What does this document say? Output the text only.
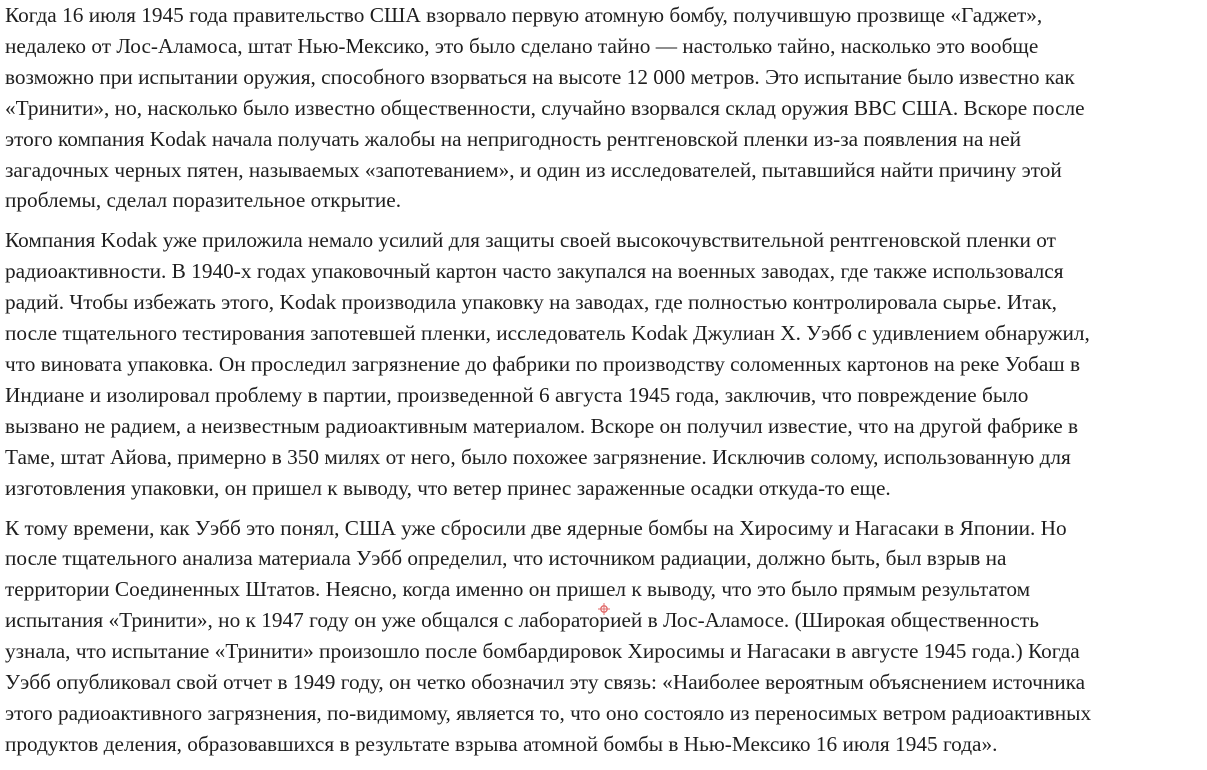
Когда 16 июля 1945 года правительство США взорвало первую атомную бомбу, получившую прозвище «Гаджет»,
недалеко от Лос-Аламоса, штат Нью-Мексико, это было сделано тайно — настолько тайно, насколько это вообще
возможно при испытании оружия, способного взорваться на высоте 12 000 метров. Это испытание было известно как
«Тринити», но, насколько было известно общественности, случайно взорвался склад оружия ВВС США. Вскоре после
этого компания Kodak начала получать жалобы на непригодность рентгеновской пленки из-за появления на ней
загадочных черных пятен, называемых «запотеванием», и один из исследователей, пытавшийся найти причину этой
проблемы, сделал поразительное открытие.

Компания Kodak уже приложила немало усилий для защиты своей высокочувствительной рентгеновской пленки от
радиоактивности. В 1940-х годах упаковочный картон часто закупался на военных заводах, где также использовался
радий. Чтобы избежать этого, Kodak производила упаковку на заводах, где полностью контролировала сырье. Итак,
после тщательного тестирования запотевшей пленки, исследователь Kodak Джулиан Х. Уэбб с удивлением обнаружил,
что виновата упаковка. Он проследил загрязнение до фабрики по производству соломенных картонов на реке Уобаш в
Индиане и изолировал проблему в партии, произведенной 6 августа 1945 года, заключив, что повреждение было
вызвано не радием, а неизвестным радиоактивным материалом. Вскоре он получил известие, что на другой фабрике в
Таме, штат Айова, примерно в 350 милях от него, было похожее загрязнение. Исключив солому, использованную для
изготовления упаковки, он пришел к выводу, что ветер принес зараженные осадки откуда-то еще.

К тому времени, как Уэбб это понял, США уже сбросили две ядерные бомбы на Хиросиму и Нагасаки в Японии. Но
после тщательного анализа материала Уэбб определил, что источником радиации, должно быть, был взрыв на
территории Соединенных Штатов. Неясно, когда именно он пришел к выводу, что это было прямым результатом
испытания «Тринити», но к 1947 году он уже общался с лабораторией в Лос-Аламосе. (Широкая общественность
узнала, что испытание «Тринити» произошло после бомбардировок Хиросимы и Нагасаки в августе 1945 года.) Когда
Уэбб опубликовал свой отчет в 1949 году, он четко обозначил эту связь: «Наиболее вероятным объяснением источника
этого радиоактивного загрязнения, по-видимому, является то, что оно состояло из переносимых ветром радиоактивных
продуктов деления, образовавшихся в результате взрыва атомной бомбы в Нью-Мексико 16 июля 1945 года».
